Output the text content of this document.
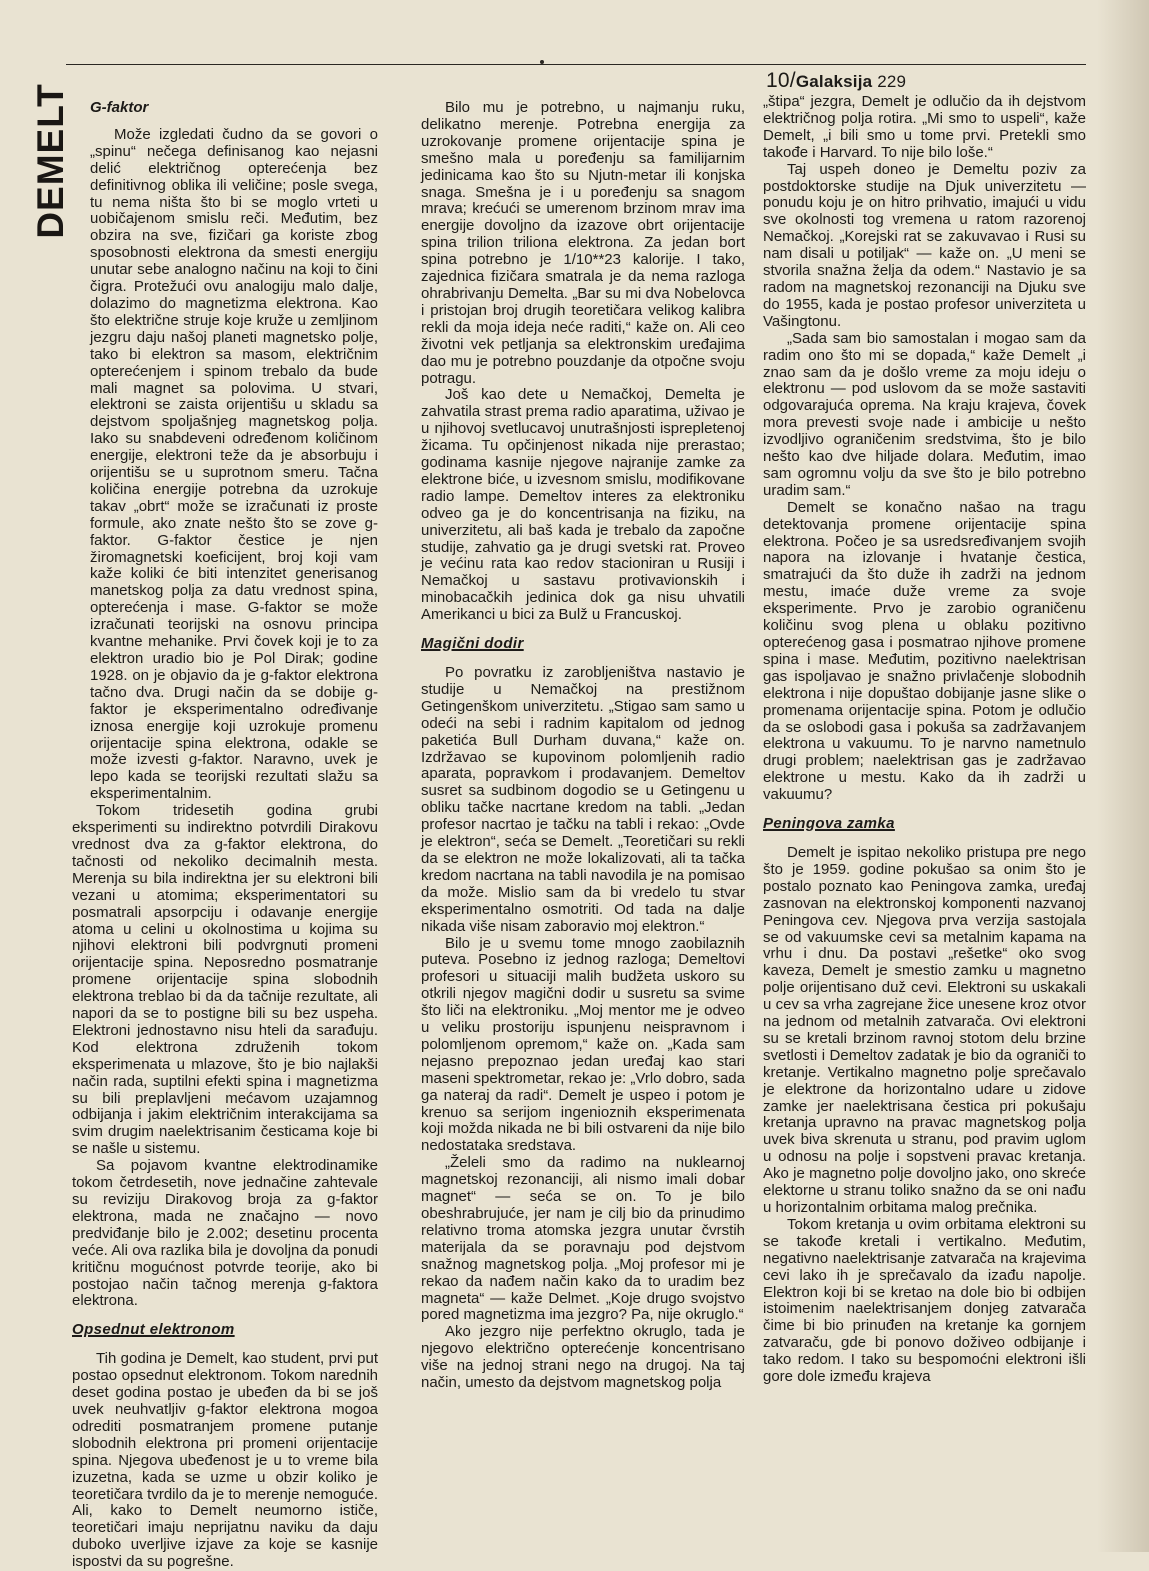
10/Galaksija 229
DEMELT G-faktor

Može izgledati čudno da se govori o „spinu“ nečega definisanog kao nejasni delić električnog opterećenja bez definitivnog oblika ili veličine; posle svega, tu nema ništa što bi se moglo vrteti u uobičajenom smislu reči. Međutim, bez obzira na sve, fizičari ga koriste zbog sposobnosti elektrona da smesti energiju unutar sebe analogno načinu na koji to čini čigra. Protežući ovu analogiju malo dalje, dolazimo do magnetizma elektrona. Kao što električne struje koje kruže u zemljinom jezgru daju našoj planeti magnetsko polje, tako bi elektron sa masom, električnim opterećenjem i spinom trebalo da bude mali magnet sa polovima. U stvari, elektroni se zaista orijentišu u skladu sa dejstvom spoljašnjeg magnetskog polja. Iako su snabdeveni određenom količinom energije, elektroni teže da je absorbuju i orijentišu se u suprotnom smeru. Tačna količina energije potrebna da uzrokuje takav „obrt“ može se izračunati iz proste formule, ako znate nešto što se zove g-faktor. G-faktor čestice je njen žiromagnetski koeficijent, broj koji vam kaže koliki će biti intenzitet generisanog manetskog polja za datu vrednost spina, opterećenja i mase. G-faktor se može izračunati teorijski na osnovu principa kvantne mehanike. Prvi čovek koji je to za elektron uradio bio je Pol Dirak; godine 1928. on je objavio da je g-faktor elektrona tačno dva. Drugi način da se dobije g-faktor je eksperimentalno određivanje iznosa energije koji uzrokuje promenu orijentacije spina elektrona, odakle se može izvesti g-faktor. Naravno, uvek je lepo kada se teorijski rezultati slažu sa eksperimentalnim.

Tokom tridesetih godina grubi eksperimenti su indirektno potvrdili Dirakovu vrednost dva za g-faktor elektrona, do tačnosti od nekoliko decimalnih mesta. Merenja su bila indirektna jer su elektroni bili vezani u atomima; eksperimentatori su posmatrali apsorpciju i odavanje energije atoma u celini u okolnostima u kojima su njihovi elektroni bili podvrgnuti promeni orijentacije spina. Neposredno posmatranje promene orijentacije spina slobodnih elektrona treblao bi da da tačnije rezultate, ali napori da se to postigne bili su bez uspeha. Elektroni jednostavno nisu hteli da sarađuju. Kod elektrona združenih tokom eksperimenata u mlazove, što je bio najlakši način rada, suptilni efekti spina i magnetizma su bili preplavljeni mećavom uzajamnog odbijanja i jakim električnim interakcijama sa svim drugim naelektrisanim česticama koje bi se našle u sistemu.

Sa pojavom kvantne elektrodinamike tokom četrdesetih, nove jednačine zahtevale su reviziju Dirakovog broja za g-faktor elektrona, mada ne značajno — novo predviđanje bilo je 2.002; desetinu procenta veće. Ali ova razlika bila je dovoljna da ponudi kritičnu mogućnost potvrde teorije, ako bi postojao način tačnog merenja g-faktora elektrona.

Opsednut elektronom

Tih godina je Demelt, kao student, prvi put postao opsednut elektronom. Tokom narednih deset godina postao je ubeđen da bi se još uvek neuhvatljiv g-faktor elektrona mogoa odrediti posmatranjem promene putanje slobodnih elektrona pri promeni orijentacije spina. Njegova ubeđenost je u to vreme bila izuzetna, kada se uzme u obzir koliko je teoretičara tvrdilo da je to merenje nemoguće. Ali, kako to Demelt neumorno ističe, teoretičari imaju neprijatnu naviku da daju duboko uverljive izjave za koje se kasnije ispostvi da su pogrešne.

Bilo mu je potrebno, u najmanju ruku, delikatno merenje. Potrebna energija za uzrokovanje promene orijentacije spina je smešno mala u poređenju sa familijarnim jedinicama kao što su Njutn-metar ili konjska snaga. Smešna je i u poređenju sa snagom mrava; krećući se umerenom brzinom mrav ima energije dovoljno da izazove obrt orijentacije spina trilion triliona elektrona. Za jedan bort spina potrebno je 1/10**23 kalorije. I tako, zajednica fizičara smatrala je da nema razloga ohrabrivanju Demelta. „Bar su mi dva Nobelovca i pristojan broj drugih teoretičara velikog kalibra rekli da moja ideja neće raditi,“ kaže on. Ali ceo životni vek petljanja sa elektronskim uređajima dao mu je potrebno pouzdanje da otpočne svoju potragu.

Još kao dete u Nemačkoj, Demelta je zahvatila strast prema radio aparatima, uživao je u njihovoj svetlucavoj unutrašnjosti isprepletenoj žicama. Tu opčinjenost nikada nije prerastao; godinama kasnije njegove najranije zamke za elektrone biće, u izvesnom smislu, modifikovane radio lampe. Demeltov interes za elektroniku odveo ga je do koncentrisanja na fiziku, na univerzitetu, ali baš kada je trebalo da započne studije, zahvatio ga je drugi svetski rat. Proveo je većinu rata kao redov stacioniran u Rusiji i Nemačkoj u sastavu protivavionskih i minobacačkih jedinica dok ga nisu uhvatili Amerikanci u bici za Bulž u Francuskoj.

Magični dodir

Po povratku iz zarobljeništva nastavio je studije u Nemačkoj na prestižnom Getingenškom univerzitetu. „Stigao sam samo u odeći na sebi i radnim kapitalom od jednog paketića Bull Durham duvana,“ kaže on. Izdržavao se kupovinom polomljenih radio aparata, popravkom i prodavanjem. Demeltov susret sa sudbinom dogodio se u Getingenu u obliku tačke nacrtane kredom na tabli. „Jedan profesor nacrtao je tačku na tabli i rekao: „Ovde je elektron“, seća se Demelt. „Teoretičari su rekli da se elektron ne može lokalizovati, ali ta tačka kredom nacrtana na tabli navodila je na pomisao da može. Mislio sam da bi vredelo tu stvar eksperimentalno osmotriti. Od tada na dalje nikada više nisam zaboravio moj elektron.“

Bilo je u svemu tome mnogo zaobilaznih puteva. Posebno iz jednog razloga; Demeltovi profesori u situaciji malih budžeta uskoro su otkrili njegov magični dodir u susretu sa svime što liči na elektroniku. „Moj mentor me je odveo u veliku prostoriju ispunjenu neispravnom i polomljenom opremom,“ kaže on. „Kada sam nejasno prepoznao jedan uređaj kao stari maseni spektrometar, rekao je: „Vrlo dobro, sada ga nateraj da radi“. Demelt je uspeo i potom je krenuo sa serijom ingenioznih eksperimenata koji možda nikada ne bi bili ostvareni da nije bilo nedostataka sredstava.

„Želeli smo da radimo na nuklearnoj magnetskoj rezonanciji, ali nismo imali dobar magnet“ — seća se on. To je bilo obeshrabrujuće, jer nam je cilj bio da prinudimo relativno troma atomska jezgra unutar čvrstih materijala da se poravnaju pod dejstvom snažnog magnetskog polja. „Moj profesor mi je rekao da nađem način kako da to uradim bez magneta“ — kaže Delmet. „Koje drugo svojstvo pored magnetizma ima jezgro? Pa, nije okruglo.“

Ako jezgro nije perfektno okruglo, tada je njegovo električno opterećenje koncentrisano više na jednoj strani nego na drugoj. Na taj način, umesto da dejstvom magnetskog polja

„štipa“ jezgra, Demelt je odlučio da ih dejstvom električnog polja rotira. „Mi smo to uspeli“, kaže Demelt, „i bili smo u tome prvi. Pretekli smo takođe i Harvard. To nije bilo loše.“

Taj uspeh doneo je Demeltu poziv za postdoktorske studije na Djuk univerzitetu — ponudu koju je on hitro prihvatio, imajući u vidu sve okolnosti tog vremena u ratom razorenoj Nemačkoj. „Korejski rat se zakuvavao i Rusi su nam disali u potiljak“ — kaže on. „U meni se stvorila snažna želja da odem.“ Nastavio je sa radom na magnetskoj rezonanciji na Djuku sve do 1955, kada je postao profesor univerziteta u Vašingtonu.

„Sada sam bio samostalan i mogao sam da radim ono što mi se dopada,“ kaže Demelt „i znao sam da je došlo vreme za moju ideju o elektronu — pod uslovom da se može sastaviti odgovarajuća oprema. Na kraju krajeva, čovek mora prevesti svoje nade i ambicije u nešto izvodljivo ograničenim sredstvima, što je bilo nešto kao dve hiljade dolara. Međutim, imao sam ogromnu volju da sve što je bilo potrebno uradim sam.“

Demelt se konačno našao na tragu detektovanja promene orijentacije spina elektrona. Počeo je sa usredsređivanjem svojih napora na izlovanje i hvatanje čestica, smatrajući da što duže ih zadrži na jednom mestu, imaće duže vreme za svoje eksperimente. Prvo je zarobio ograničenu količinu svog plena u oblaku pozitivno opterećenog gasa i posmatrao njihove promene spina i mase. Međutim, pozitivno naelektrisan gas ispoljavao je snažno privlačenje slobodnih elektrona i nije dopuštao dobijanje jasne slike o promenama orijentacije spina. Potom je odlučio da se oslobodi gasa i pokuša sa zadržavanjem elektrona u vakuumu. To je narvno nametnulo drugi problem; naelektrisan gas je zadržavao elektrone u mestu. Kako da ih zadrži u vakuumu?

Peningova zamka

Demelt je ispitao nekoliko pristupa pre nego što je 1959. godine pokušao sa onim što je postalo poznato kao Peningova zamka, uređaj zasnovan na elektronskoj komponenti nazvanoj Peningova cev. Njegova prva verzija sastojala se od vakuumske cevi sa metalnim kapama na vrhu i dnu. Da postavi „rešetke“ oko svog kaveza, Demelt je smestio zamku u magnetno polje orijentisano duž cevi. Elektroni su uskakali u cev sa vrha zagrejane žice unesene kroz otvor na jednom od metalnih zatvarača. Ovi elektroni su se kretali brzinom ravnoj stotom delu brzine svetlosti i Demeltov zadatak je bio da ograniči to kretanje. Vertikalno magnetno polje sprečavalo je elektrone da horizontalno udare u zidove zamke jer naelektrisana čestica pri pokušaju kretanja upravno na pravac magnetskog polja uvek biva skrenuta u stranu, pod pravim uglom u odnosu na polje i sopstveni pravac kretanja. Ako je magnetno polje dovoljno jako, ono skreće elektorne u stranu toliko snažno da se oni nađu u horizontalnim orbitama malog prečnika.

Tokom kretanja u ovim orbitama elektroni su se takođe kretali i vertikalno. Međutim, negativno naelektrisanje zatvarača na krajevima cevi lako ih je sprečavalo da izađu napolje. Elektron koji bi se kretao na dole bio bi odbijen istoimenim naelektrisanjem donjeg zatvarača čime bi bio prinuđen na kretanje ka gornjem zatvaraču, gde bi ponovo doživeo odbijanje i tako redom. I tako su bespomoćni elektroni išli gore dole između krajeva
